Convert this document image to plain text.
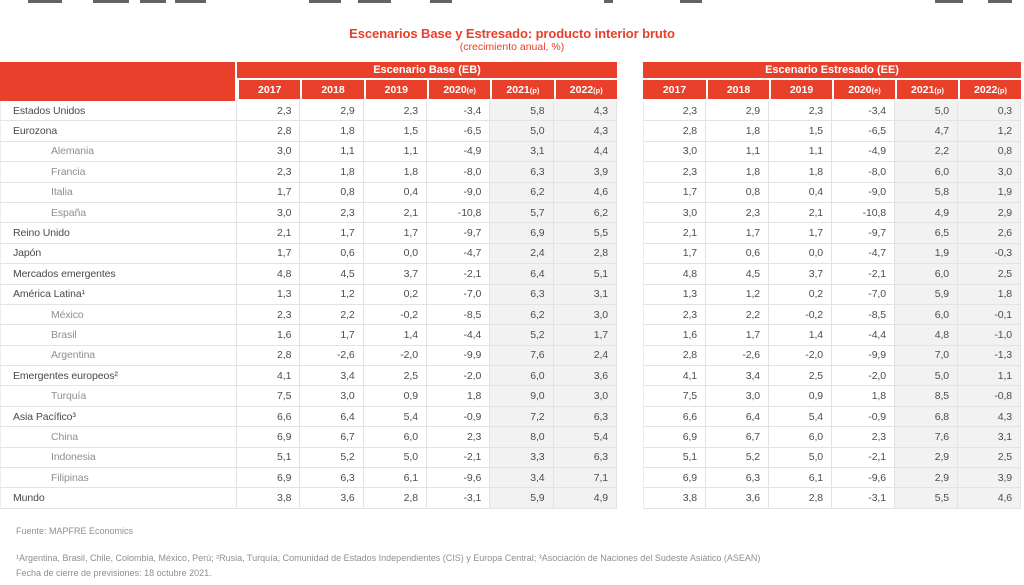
Escenarios Base y Estresado: producto interior bruto
(crecimiento anual, %)
	Escenario Base (EB)					
	2017	2018	2019	2020(e)	2021(p)	2022(p)
Estados Unidos	2,3	2,9	2,3	-3,4	5,8	4,3
Eurozona	2,8	1,8	1,5	-6,5	5,0	4,3
Alemania	3,0	1,1	1,1	-4,9	3,1	4,4
Francia	2,3	1,8	1,8	-8,0	6,3	3,9
Italia	1,7	0,8	0,4	-9,0	6,2	4,6
España	3,0	2,3	2,1	-10,8	5,7	6,2
Reino Unido	2,1	1,7	1,7	-9,7	6,9	5,5
Japón	1,7	0,6	0,0	-4,7	2,4	2,8
Mercados emergentes	4,8	4,5	3,7	-2,1	6,4	5,1
América Latina¹	1,3	1,2	0,2	-7,0	6,3	3,1
México	2,3	2,2	-0,2	-8,5	6,2	3,0
Brasil	1,6	1,7	1,4	-4,4	5,2	1,7
Argentina	2,8	-2,6	-2,0	-9,9	7,6	2,4
Emergentes europeos²	4,1	3,4	2,5	-2,0	6,0	3,6
Turquía	7,5	3,0	0,9	1,8	9,0	3,0
Asia Pacífico³	6,6	6,4	5,4	-0,9	7,2	6,3
China	6,9	6,7	6,0	2,3	8,0	5,4
Indonesia	5,1	5,2	5,0	-2,1	3,3	6,3
Filipinas	6,9	6,3	6,1	-9,6	3,4	7,1
Mundo	3,8	3,6	2,8	-3,1	5,9	4,9
Escenario Estresado (EE)					
2017	2018	2019	2020(e)	2021(p)	2022(p)
2,3	2,9	2,3	-3,4	5,0	0,3
2,8	1,8	1,5	-6,5	4,7	1,2
3,0	1,1	1,1	-4,9	2,2	0,8
2,3	1,8	1,8	-8,0	6,0	3,0
1,7	0,8	0,4	-9,0	5,8	1,9
3,0	2,3	2,1	-10,8	4,9	2,9
2,1	1,7	1,7	-9,7	6,5	2,6
1,7	0,6	0,0	-4,7	1,9	-0,3
4,8	4,5	3,7	-2,1	6,0	2,5
1,3	1,2	0,2	-7,0	5,9	1,8
2,3	2,2	-0,2	-8,5	6,0	-0,1
1,6	1,7	1,4	-4,4	4,8	-1,0
2,8	-2,6	-2,0	-9,9	7,0	-1,3
4,1	3,4	2,5	-2,0	5,0	1,1
7,5	3,0	0,9	1,8	8,5	-0,8
6,6	6,4	5,4	-0,9	6,8	4,3
6,9	6,7	6,0	2,3	7,6	3,1
5,1	5,2	5,0	-2,1	2,9	2,5
6,9	6,3	6,1	-9,6	2,9	3,9
3,8	3,6	2,8	-3,1	5,5	4,6
Fuente: MAPFRE Economics
¹Argentina, Brasil, Chile, Colombia, México, Perú; ²Rusia, Turquía, Comunidad de Estados Independientes (CIS) y Europa Central; ³Asociación de Naciones del Sudeste Asiático (ASEAN)
Fecha de cierre de previsiones: 18 octubre 2021.
